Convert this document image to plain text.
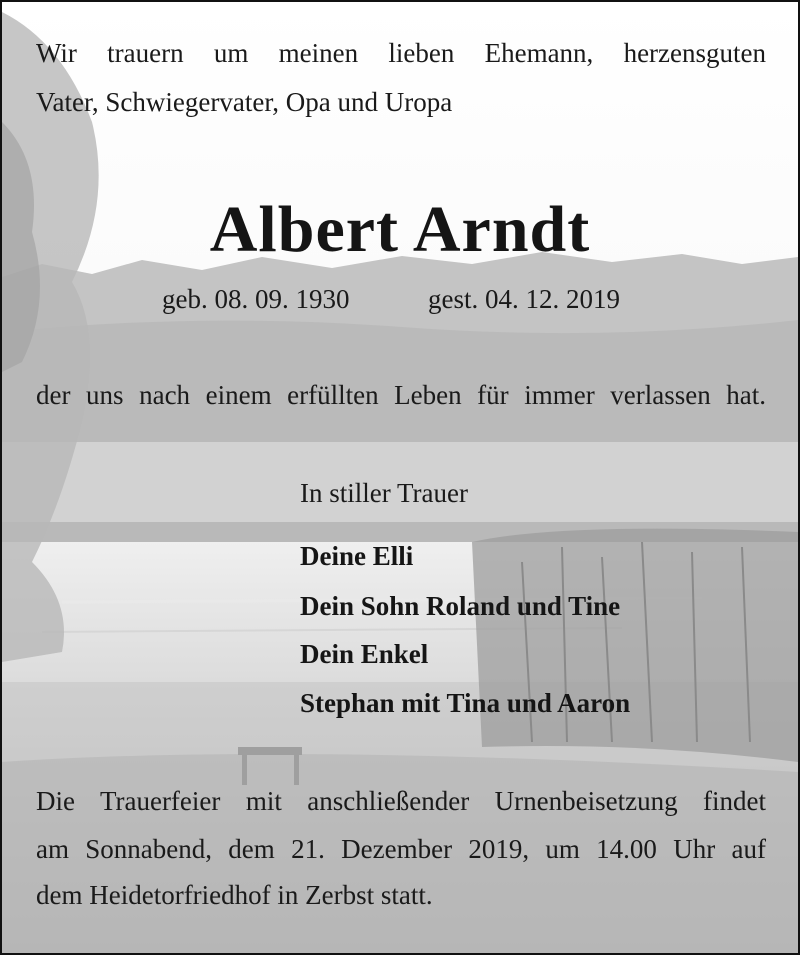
Wir trauern um meinen lieben Ehemann, herzensguten
Vater, Schwiegervater, Opa und Uropa
Albert Arndt
geb. 08. 09. 1930	gest. 04. 12. 2019
der uns nach einem erfüllten Leben für immer verlassen hat.
In stiller Trauer
Deine Elli
Dein Sohn Roland und Tine
Dein Enkel
Stephan mit Tina und Aaron
Die Trauerfeier mit anschließender Urnenbeisetzung findet
am Sonnabend, dem 21. Dezember 2019, um 14.00 Uhr auf
dem Heidetorfriedhof in Zerbst statt.
